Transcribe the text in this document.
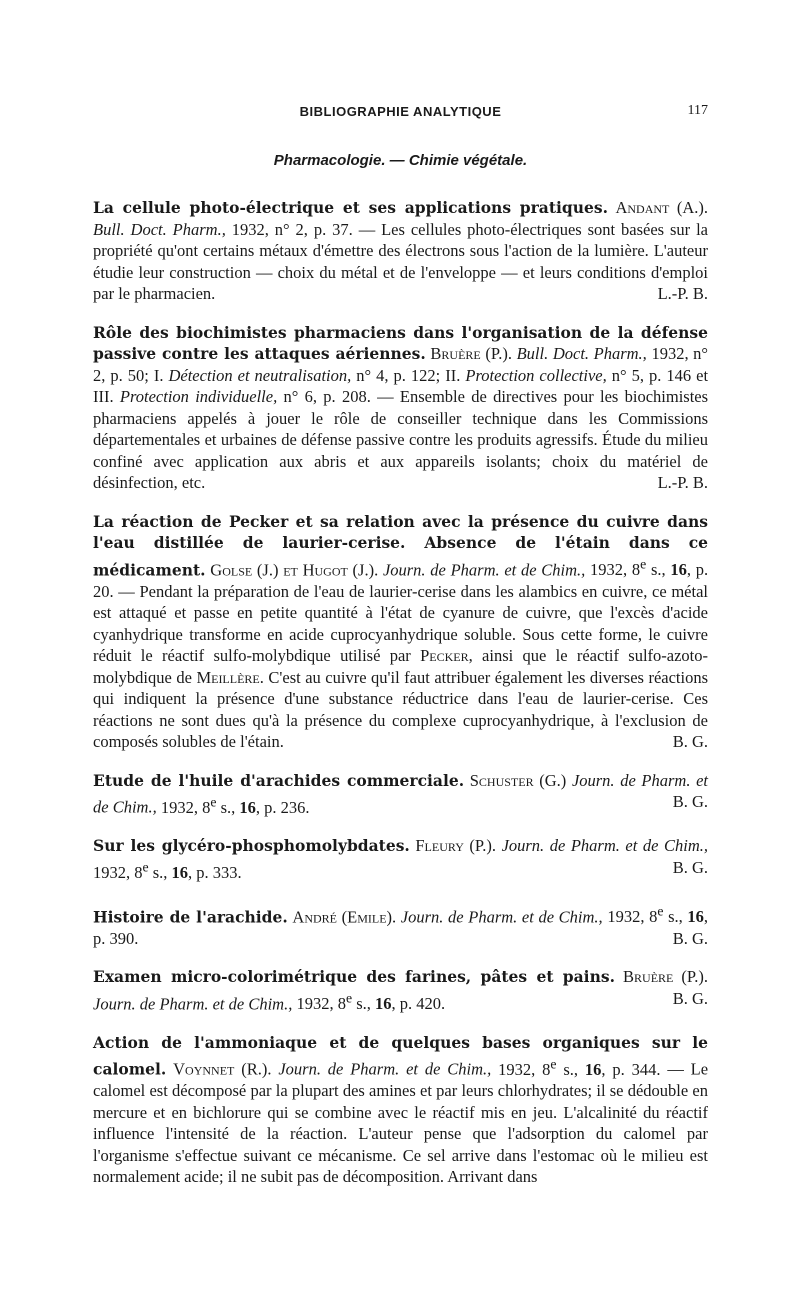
BIBLIOGRAPHIE ANALYTIQUE	117
Pharmacologie. — Chimie végétale.

La cellule photo-électrique et ses applications pratiques. Andant (A.). Bull. Doct. Pharm., 1932, n° 2, p. 37. — Les cellules photo-électriques sont basées sur la propriété qu'ont certains métaux d'émettre des électrons sous l'action de la lumière. L'auteur étudie leur construction — choix du métal et de l'enveloppe — et leurs conditions d'emploi par le pharmacien.	L.-P. B.

Rôle des biochimistes pharmaciens dans l'organisation de la défense passive contre les attaques aériennes. Bruère (P.). Bull. Doct. Pharm., 1932, n° 2, p. 50; I. Détection et neutralisation, n° 4, p. 122; II. Protection collective, n° 5, p. 146 et III. Protection individuelle, n° 6, p. 208. — Ensemble de directives pour les biochimistes pharmaciens appelés à jouer le rôle de conseiller technique dans les Commissions départementales et urbaines de défense passive contre les produits agressifs. Étude du milieu confiné avec application aux abris et aux appareils isolants; choix du matériel de désinfection, etc.	L.-P. B.

La réaction de Pecker et sa relation avec la présence du cuivre dans l'eau distillée de laurier-cerise. Absence de l'étain dans ce médicament. Golse (J.) et Hugot (J.). Journ. de Pharm. et de Chim., 1932, 8e s., 16, p. 20. — Pendant la préparation de l'eau de laurier-cerise dans les alambics en cuivre, ce métal est attaqué et passe en petite quantité à l'état de cyanure de cuivre, que l'excès d'acide cyanhydrique transforme en acide cuprocyanhydrique soluble. Sous cette forme, le cuivre réduit le réactif sulfo-molybdique utilisé par Pecker, ainsi que le réactif sulfo-azoto-molybdique de Meillère. C'est au cuivre qu'il faut attribuer également les diverses réactions qui indiquent la présence d'une substance réductrice dans l'eau de laurier-cerise. Ces réactions ne sont dues qu'à la présence du complexe cuprocyanhydrique, à l'exclusion de composés solubles de l'étain.	B. G.

Etude de l'huile d'arachides commerciale. Schuster (G.) Journ. de Pharm. et de Chim., 1932, 8e s., 16, p. 236.	B. G.

Sur les glycéro-phosphomolybdates. Fleury (P.). Journ. de Pharm. et de Chim., 1932, 8e s., 16, p. 333.	B. G.

Histoire de l'arachide. André (Emile). Journ. de Pharm. et de Chim., 1932, 8e s., 16, p. 390.	B. G.

Examen micro-colorimétrique des farines, pâtes et pains. Bruère (P.). Journ. de Pharm. et de Chim., 1932, 8e s., 16, p. 420.	B. G.

Action de l'ammoniaque et de quelques bases organiques sur le calomel. Voynnet (R.). Journ. de Pharm. et de Chim., 1932, 8e s., 16, p. 344. — Le calomel est décomposé par la plupart des amines et par leurs chlorhydrates; il se dédouble en mercure et en bichlorure qui se combine avec le réactif mis en jeu. L'alcalinité du réactif influence l'intensité de la réaction. L'auteur pense que l'adsorption du calomel par l'organisme s'effectue suivant ce mécanisme. Ce sel arrive dans l'estomac où le milieu est normalement acide; il ne subit pas de décomposition. Arrivant dans
